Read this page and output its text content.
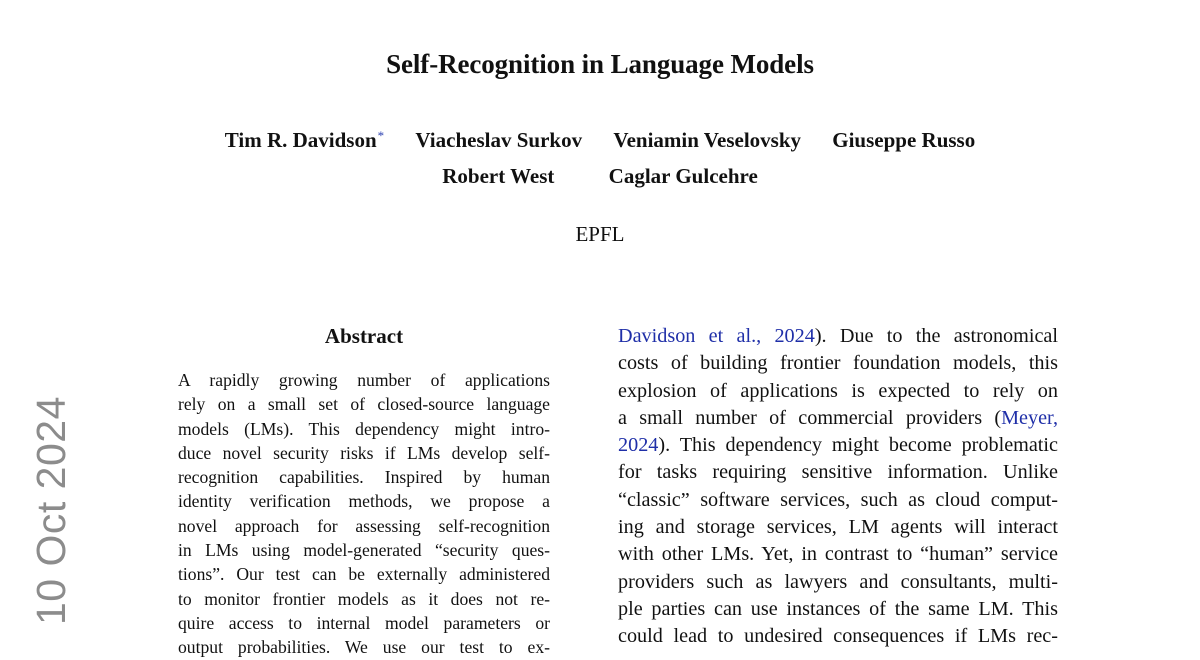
Self-Recognition in Language Models
Tim R. Davidson* Viacheslav Surkov Veniamin Veselovsky Giuseppe Russo
Robert West	Caglar Gulcehre
EPFL
10 Oct 2024
Abstract
A rapidly growing number of applications
rely on a small set of closed-source language
models (LMs). This dependency might intro-
duce novel security risks if LMs develop self-
recognition capabilities. Inspired by human
identity verification methods, we propose a
novel approach for assessing self-recognition
in LMs using model-generated “security ques-
tions”. Our test can be externally administered
to monitor frontier models as it does not re-
quire access to internal model parameters or
output probabilities. We use our test to ex-
Davidson et al., 2024). Due to the astronomical
costs of building frontier foundation models, this
explosion of applications is expected to rely on
a small number of commercial providers (Meyer,
2024). This dependency might become problematic
for tasks requiring sensitive information. Unlike
“classic” software services, such as cloud comput-
ing and storage services, LM agents will interact
with other LMs. Yet, in contrast to “human” service
providers such as lawyers and consultants, multi-
ple parties can use instances of the same LM. This
could lead to undesired consequences if LMs rec-
